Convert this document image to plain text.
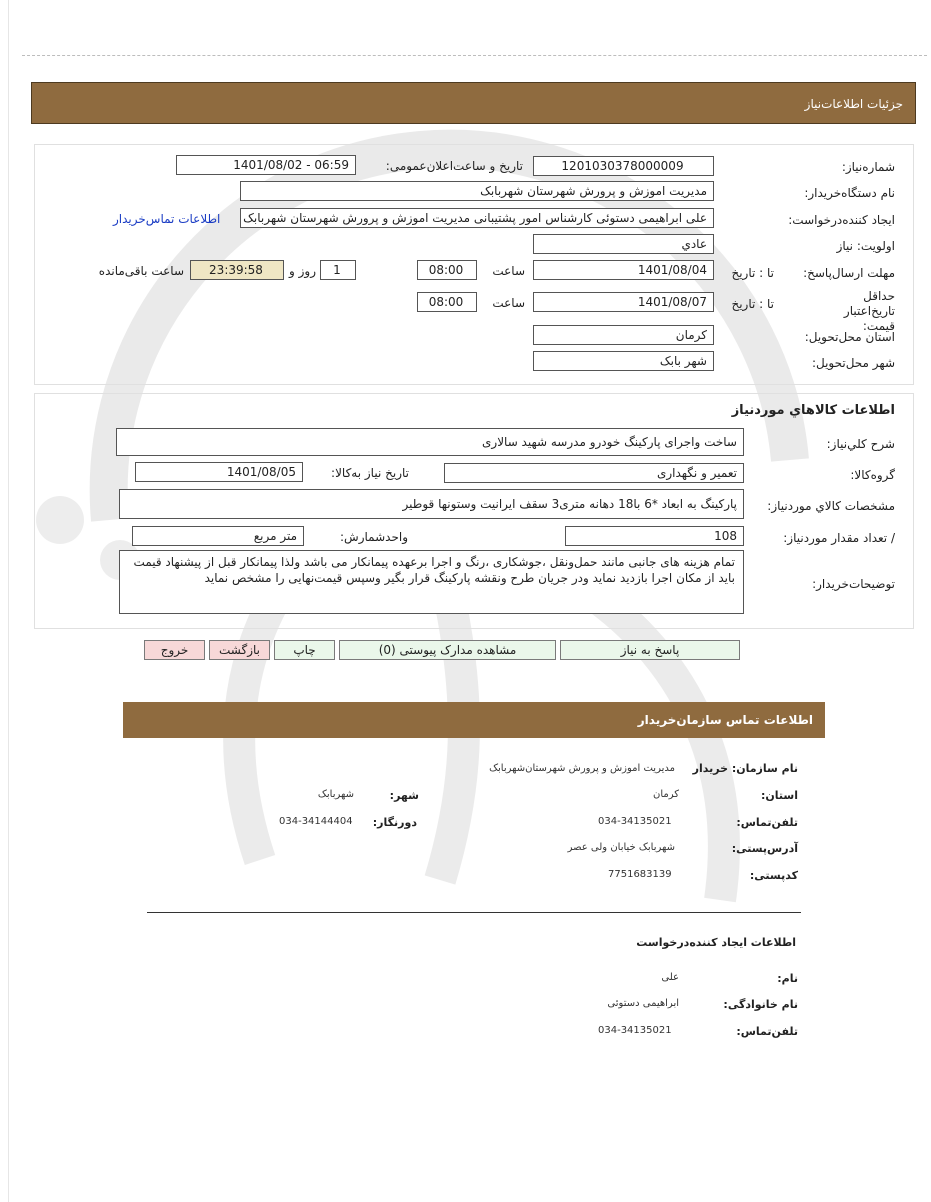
جزئیات اطلاعات‌نیاز
شماره‌نیاز:
1201030378000009
تاریخ و ساعت‌اعلان‌عمومی:
1401/08/02 - 06:59
نام دستگاه‌خریدار:
مدیریت اموزش و پرورش شهرستان شهربابک
ایجاد کننده‌درخواست:
علی ابراهیمی دستوئی کارشناس امور پشتیبانی مدیریت اموزش و پرورش شهرستان شهربابک
اطلاعات تماس‌خریدار
اولویت: نیاز
عادي
مهلت ارسال‌پاسخ:
تا : تاریخ
1401/08/04
ساعت
08:00
1
روز و
23:39:58
ساعت باقی‌مانده
حداقل تاریخ‌اعتبار قیمت:
تا : تاریخ
1401/08/07
ساعت
08:00
استان محل‌تحویل:
کرمان
شهر محل‌تحویل:
شهر بابک
اطلاعات کالاهاي موردنياز
شرح کلي‌نياز:
ساخت واجرای پارکینگ خودرو مدرسه شهید سالاری
گروه‌کالا:
تعمیر و نگهداری
تاریخ نیاز به‌کالا:
1401/08/05
مشخصات کالاي موردنياز:
پارکینگ به ابعاد *6 با18 دهانه متری3 سقف ایرانیت وستونها قوطیر
/ تعداد مقدار موردنياز:
108
واحد‌شمارش:
متر مربع
توضیحات‌خریدار:
تمام هزینه های جانبی مانند حمل‌ونقل ،جوشکاری ،رنگ و اجرا برعهده پیمانکار می باشد ولذا پیمانکار قبل از پیشنهاد قیمت باید از مکان اجرا بازدید نماید ودر جریان طرح ونقشه پارکینگ قرار بگیر وسپس قیمت‌نهایی را مشخص نماید
پاسخ به نیاز
مشاهده مدارک پیوستی (0)
چاپ
بازگشت
خروج
اطلاعات تماس سازمان‌خریدار
نام سازمان: خریدار
مدیریت اموزش و پرورش شهرستان‌شهربابک
استان:
کرمان
شهر:
شهربابک
تلفن‌تماس:
034-34135021
دورنگار:
034-34144404
آدرس‌پستی:
شهربابک خیابان ولی عصر
کد‌پستی:
7751683139
اطلاعات ایجاد کننده‌درخواست
نام:
علی
نام خانوادگی:
ابراهیمی دستوئی
تلفن‌تماس:
034-34135021
